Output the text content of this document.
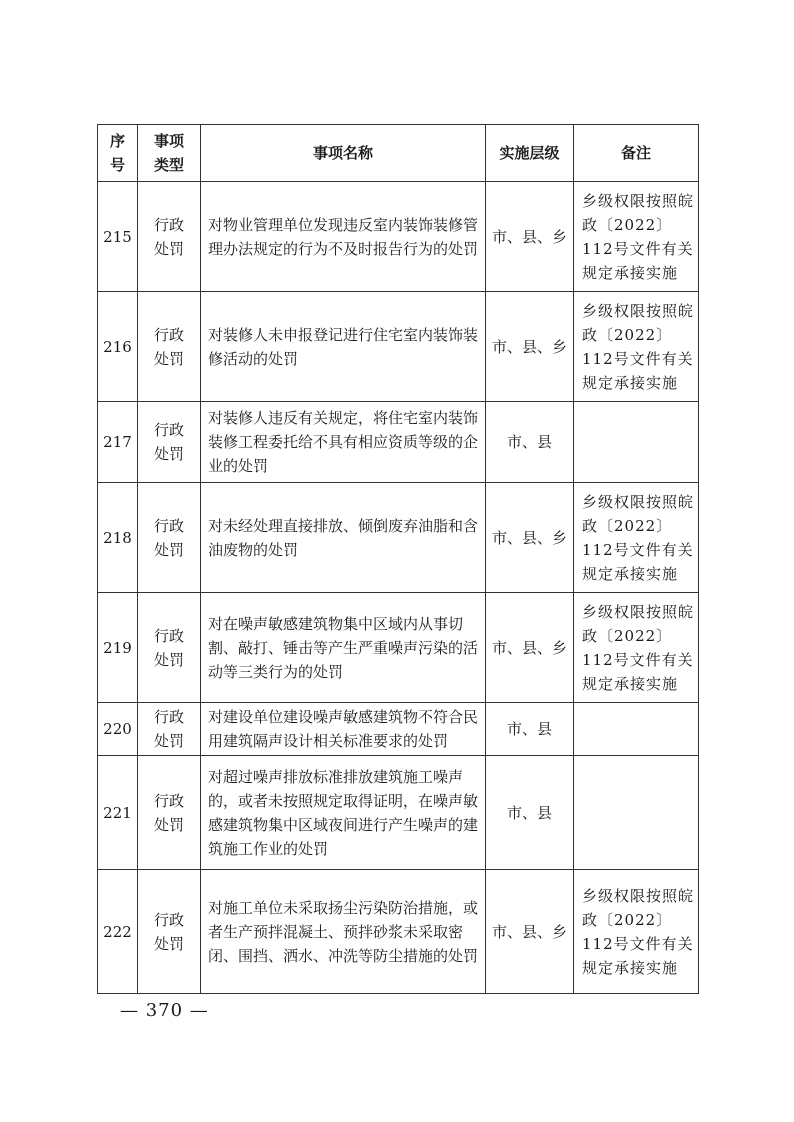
序号	事项类型	事项名称	实施层级	备注
215	行政处罚	对物业管理单位发现违反室内装饰装修管理办法规定的行为不及时报告行为的处罚	市、县、乡	乡级权限按照皖政〔2022〕112号文件有关规定承接实施
216	行政处罚	对装修人未申报登记进行住宅室内装饰装修活动的处罚	市、县、乡	乡级权限按照皖政〔2022〕112号文件有关规定承接实施
217	行政处罚	对装修人违反有关规定，将住宅室内装饰装修工程委托给不具有相应资质等级的企业的处罚	市、县	
218	行政处罚	对未经处理直接排放、倾倒废弃油脂和含油废物的处罚	市、县、乡	乡级权限按照皖政〔2022〕112号文件有关规定承接实施
219	行政处罚	对在噪声敏感建筑物集中区域内从事切割、敲打、锤击等产生严重噪声污染的活动等三类行为的处罚	市、县、乡	乡级权限按照皖政〔2022〕112号文件有关规定承接实施
220	行政处罚	对建设单位建设噪声敏感建筑物不符合民用建筑隔声设计相关标准要求的处罚	市、县	
221	行政处罚	对超过噪声排放标准排放建筑施工噪声的，或者未按照规定取得证明，在噪声敏感建筑物集中区域夜间进行产生噪声的建筑施工作业的处罚	市、县	
222	行政处罚	对施工单位未采取扬尘污染防治措施，或者生产预拌混凝土、预拌砂浆未采取密闭、围挡、洒水、冲洗等防尘措施的处罚	市、县、乡	乡级权限按照皖政〔2022〕112号文件有关规定承接实施
— 370 —
